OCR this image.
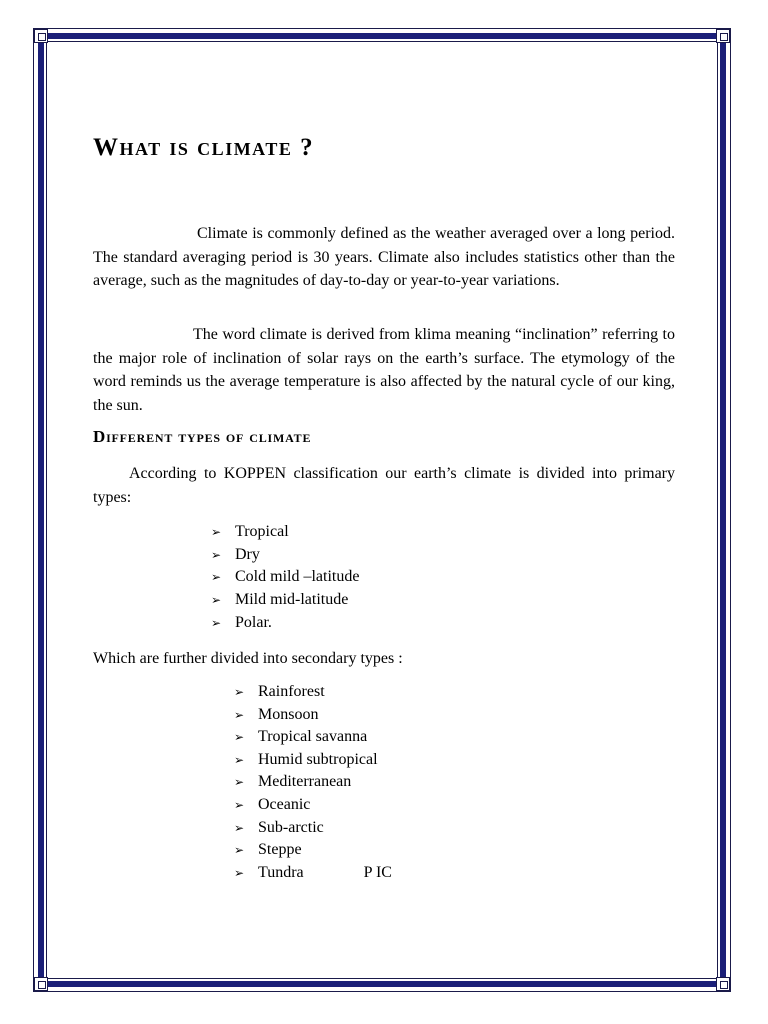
What is climate ?

Climate is commonly defined as the weather averaged over a long period. The standard averaging period is 30 years. Climate also includes statistics other than the average, such as the magnitudes of day-to-day or year-to-year variations.

The word climate is derived from klima meaning “inclination” referring to the major role of inclination of solar rays on the earth’s surface. The etymology of the word reminds us the average temperature is also affected by the natural cycle of our king, the sun.

Different types of climate

According to KOPPEN classification our earth’s climate is divided into primary types:

➢ Tropical
➢ Dry
➢ Cold mild –latitude
➢ Mild mid-latitude
➢ Polar.

Which are further divided into secondary types :

➢ Rainforest
➢ Monsoon
➢ Tropical savanna
➢ Humid subtropical
➢ Mediterranean
➢ Oceanic
➢ Sub-arctic
➢ Steppe
➢ Tundra	P IC
